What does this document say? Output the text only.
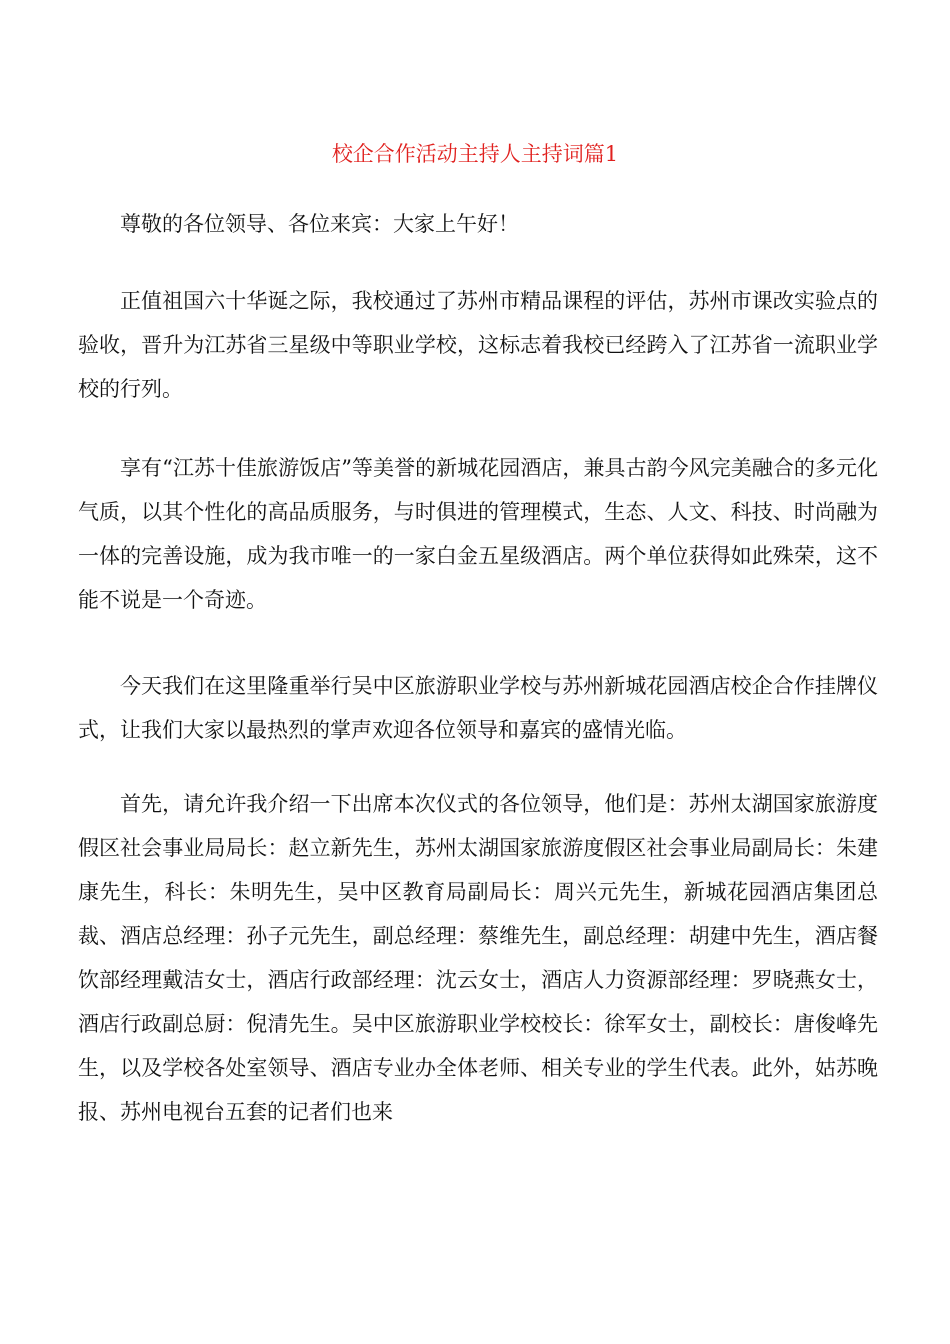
校企合作活动主持人主持词篇1

尊敬的各位领导、各位来宾：大家上午好！

正值祖国六十华诞之际，我校通过了苏州市精品课程的评估，苏州市课改实验点的验收，晋升为江苏省三星级中等职业学校，这标志着我校已经跨入了江苏省一流职业学校的行列。

享有“江苏十佳旅游饭店”等美誉的新城花园酒店，兼具古韵今风完美融合的多元化气质，以其个性化的高品质服务，与时俱进的管理模式，生态、人文、科技、时尚融为一体的完善设施，成为我市唯一的一家白金五星级酒店。两个单位获得如此殊荣，这不能不说是一个奇迹。

今天我们在这里隆重举行吴中区旅游职业学校与苏州新城花园酒店校企合作挂牌仪式，让我们大家以最热烈的掌声欢迎各位领导和嘉宾的盛情光临。

首先，请允许我介绍一下出席本次仪式的各位领导，他们是：苏州太湖国家旅游度假区社会事业局局长：赵立新先生，苏州太湖国家旅游度假区社会事业局副局长：朱建康先生，科长：朱明先生，吴中区教育局副局长：周兴元先生，新城花园酒店集团总裁、酒店总经理：孙子元先生，副总经理：蔡维先生，副总经理：胡建中先生，酒店餐饮部经理戴洁女士，酒店行政部经理：沈云女士，酒店人力资源部经理：罗晓燕女士，酒店行政副总厨：倪清先生。吴中区旅游职业学校校长：徐军女士，副校长：唐俊峰先生，以及学校各处室领导、酒店专业办全体老师、相关专业的学生代表。此外，姑苏晚报、苏州电视台五套的记者们也来
